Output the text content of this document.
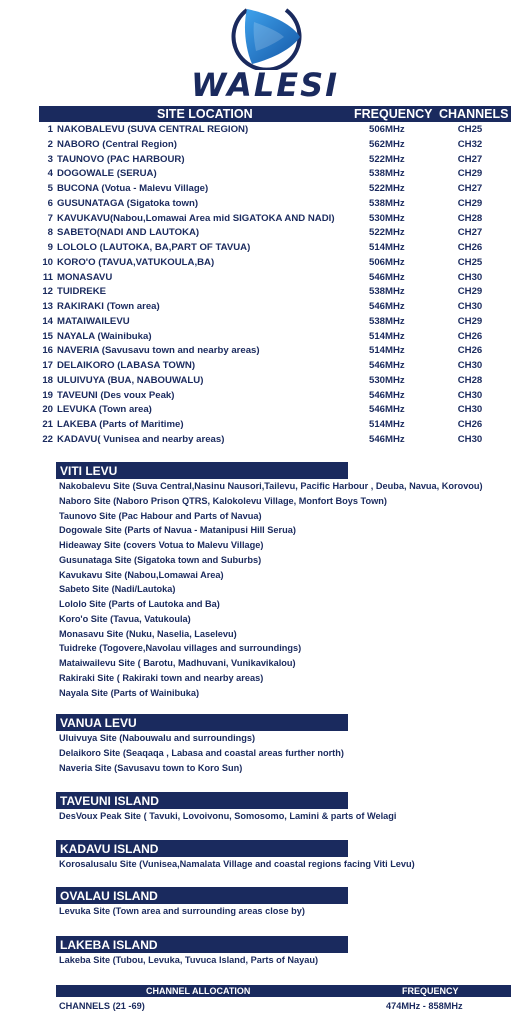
WALESI
SITE LOCATION	FREQUENCY CHANNELS
1 NAKOBALEVU (SUVA CENTRAL REGION)	506MHz	CH25
2 NABORO (Central Region)	562MHz	CH32
3 TAUNOVO (PAC HARBOUR)	522MHz	CH27
4 DOGOWALE (SERUA)	538MHz	CH29
5 BUCONA (Votua - Malevu Village)	522MHz	CH27
6 GUSUNATAGA (Sigatoka town)	538MHz	CH29
7 KAVUKAVU(Nabou,Lomawai Area mid SIGATOKA AND NADI)	530MHz	CH28
8 SABETO(NADI AND LAUTOKA)	522MHz	CH27
9 LOLOLO (LAUTOKA, BA,PART OF TAVUA)	514MHz	CH26
10 KORO'O (TAVUA,VATUKOULA,BA)	506MHz	CH25
11 MONASAVU	546MHz	CH30
12 TUIDREKE	538MHz	CH29
13 RAKIRAKI (Town area)	546MHz	CH30
14 MATAIWAILEVU	538MHz	CH29
15 NAYALA (Wainibuka)	514MHz	CH26
16 NAVERIA (Savusavu town and nearby areas)	514MHz	CH26
17 DELAIKORO (LABASA TOWN)	546MHz	CH30
18 ULUIVUYA (BUA, NABOUWALU)	530MHz	CH28
19 TAVEUNI (Des voux Peak)	546MHz	CH30
20 LEVUKA (Town area)	546MHz	CH30
21 LAKEBA (Parts of Maritime)	514MHz	CH26
22 KADAVU( Vunisea and nearby areas)	546MHz	CH30
VITI LEVU
Nakobalevu Site (Suva Central,Nasinu Nausori,Tailevu, Pacific Harbour , Deuba, Navua, Korovou)
Naboro Site (Naboro Prison QTRS, Kalokolevu Village, Monfort Boys Town)
Taunovo Site (Pac Habour and Parts of Navua)
Dogowale Site (Parts of Navua - Matanipusi Hill Serua)
Hideaway Site (covers Votua to Malevu Village)
Gusunataga Site (Sigatoka town and Suburbs)
Kavukavu Site (Nabou,Lomawai Area)
Sabeto Site (Nadi/Lautoka)
Lololo Site (Parts of Lautoka and Ba)
Koro'o Site (Tavua, Vatukoula)
Monasavu Site (Nuku, Naselia, Laselevu)
Tuidreke (Togovere,Navolau villages and surroundings)
Mataiwailevu Site ( Barotu, Madhuvani, Vunikavikalou)
Rakiraki Site ( Rakiraki town and nearby areas)
Nayala Site (Parts of Wainibuka)
VANUA LEVU
Uluivuya Site (Nabouwalu and surroundings)
Delaikoro Site (Seaqaqa , Labasa and coastal areas further north)
Naveria Site (Savusavu town to Koro Sun)
TAVEUNI ISLAND
DesVoux Peak Site ( Tavuki, Lovoivonu, Somosomo, Lamini & parts of Welagi
KADAVU ISLAND
Korosalusalu Site (Vunisea,Namalata Village and coastal regions facing Viti Levu)
OVALAU ISLAND
Levuka Site (Town area and surrounding areas close by)
LAKEBA ISLAND
Lakeba Site (Tubou, Levuka, Tuvuca Island, Parts of Nayau)
CHANNEL ALLOCATION	FREQUENCY
CHANNELS (21 -69)	474MHz - 858MHz
